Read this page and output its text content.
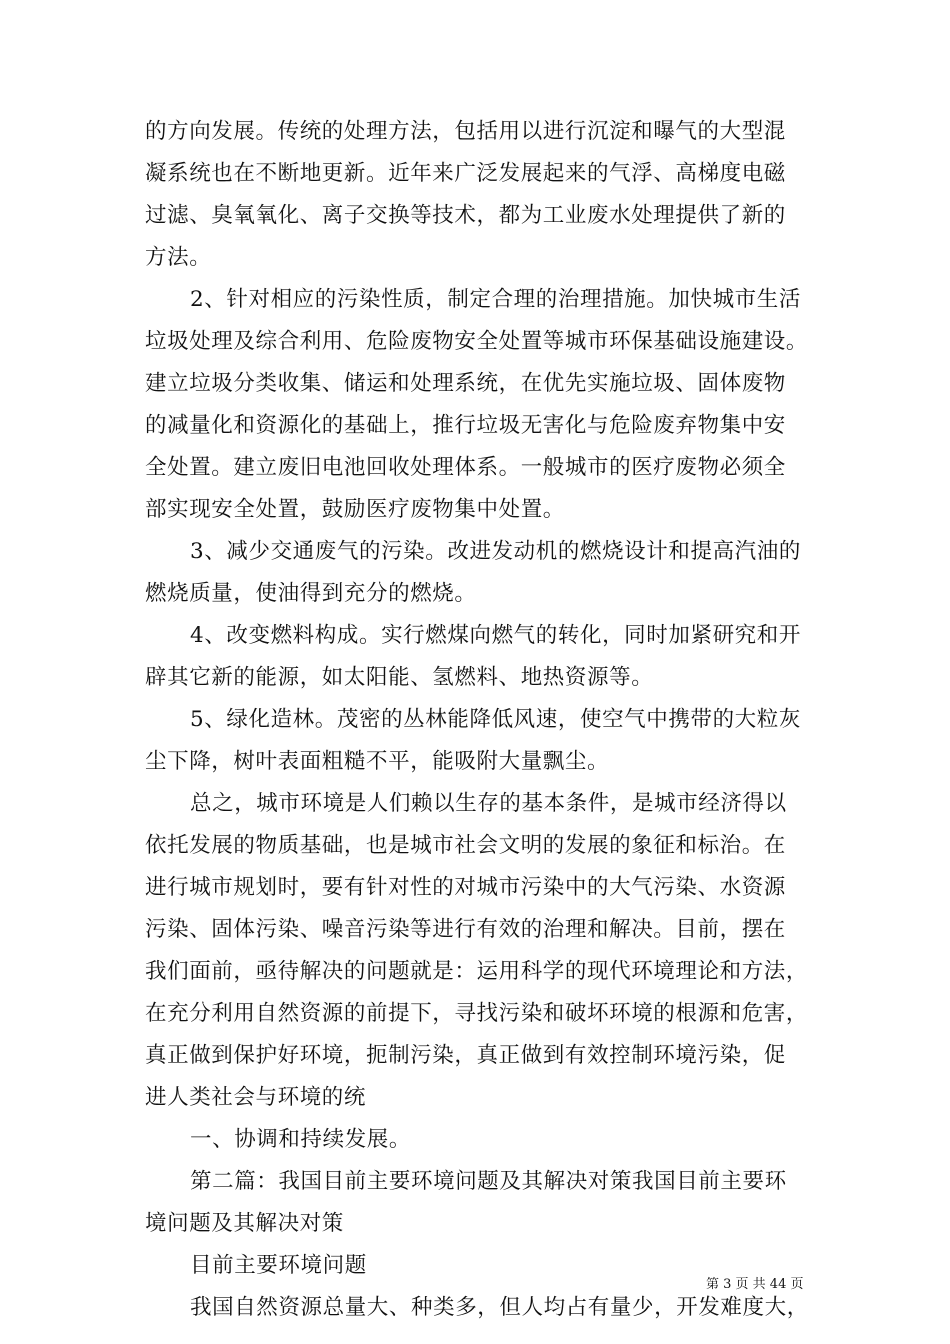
的方向发展。传统的处理方法，包括用以进行沉淀和曝气的大型混
凝系统也在不断地更新。近年来广泛发展起来的气浮、高梯度电磁
过滤、臭氧氧化、离子交换等技术，都为工业废水处理提供了新的
方法。
2、针对相应的污染性质，制定合理的治理措施。加快城市生活
垃圾处理及综合利用、危险废物安全处置等城市环保基础设施建设。
建立垃圾分类收集、储运和处理系统，在优先实施垃圾、固体废物
的减量化和资源化的基础上，推行垃圾无害化与危险废弃物集中安
全处置。建立废旧电池回收处理体系。一般城市的医疗废物必须全
部实现安全处置，鼓励医疗废物集中处置。
3、减少交通废气的污染。改进发动机的燃烧设计和提高汽油的
燃烧质量，使油得到充分的燃烧。
4、改变燃料构成。实行燃煤向燃气的转化，同时加紧研究和开
辟其它新的能源，如太阳能、氢燃料、地热资源等。
5、绿化造林。茂密的丛林能降低风速，使空气中携带的大粒灰
尘下降，树叶表面粗糙不平，能吸附大量飘尘。
总之，城市环境是人们赖以生存的基本条件，是城市经济得以
依托发展的物质基础，也是城市社会文明的发展的象征和标治。在
进行城市规划时，要有针对性的对城市污染中的大气污染、水资源
污染、固体污染、噪音污染等进行有效的治理和解决。目前，摆在
我们面前，亟待解决的问题就是：运用科学的现代环境理论和方法，
在充分利用自然资源的前提下，寻找污染和破坏环境的根源和危害，
真正做到保护好环境，扼制污染，真正做到有效控制环境污染，促
进人类社会与环境的统
一、协调和持续发展。
第二篇：我国目前主要环境问题及其解决对策我国目前主要环
境问题及其解决对策
目前主要环境问题
我国自然资源总量大、种类多，但人均占有量少，开发难度大，
第 3 页 共 44 页
